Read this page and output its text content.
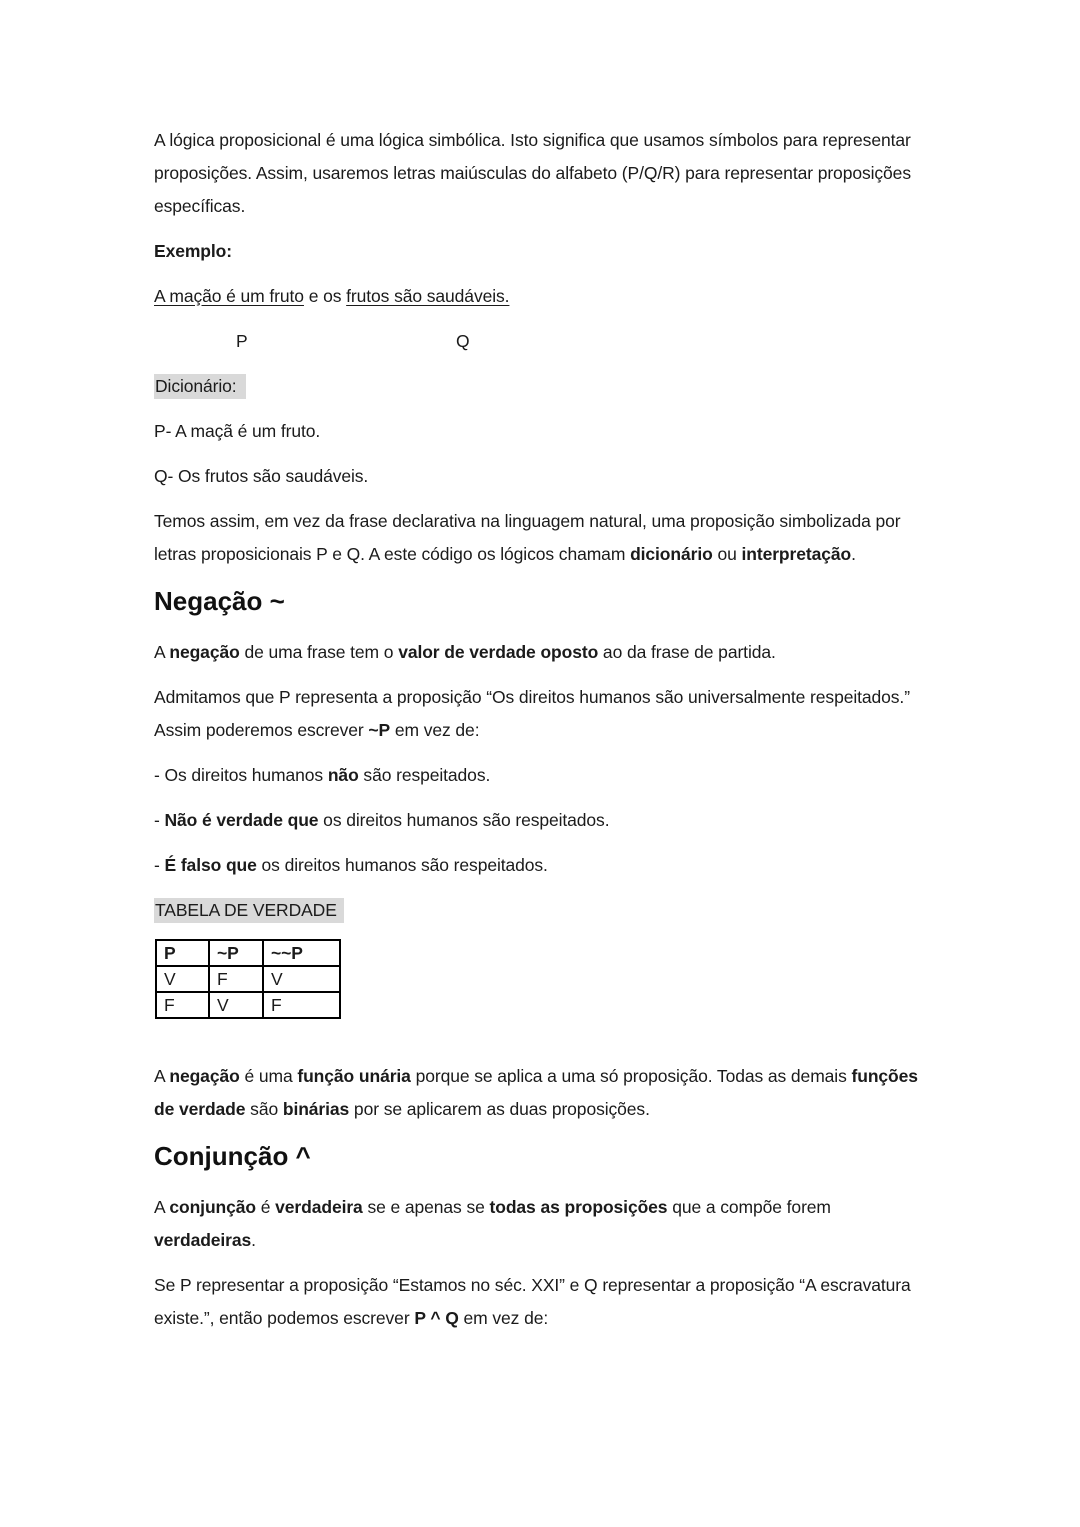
A lógica proposicional é uma lógica simbólica. Isto significa que usamos símbolos para representar proposições. Assim, usaremos letras maiúsculas do alfabeto (P/Q/R) para representar proposições específicas.

Exemplo:

A mação é um fruto e os frutos são saudáveis.

P	Q

Dicionário:

P- A maçã é um fruto.

Q- Os frutos são saudáveis.

Temos assim, em vez da frase declarativa na linguagem natural, uma proposição simbolizada por letras proposicionais P e Q. A este código os lógicos chamam dicionário ou interpretação.

Negação ~

A negação de uma frase tem o valor de verdade oposto ao da frase de partida.

Admitamos que P representa a proposição “Os direitos humanos são universalmente respeitados.” Assim poderemos escrever ~P em vez de:

- Os direitos humanos não são respeitados.

- Não é verdade que os direitos humanos são respeitados.

- É falso que os direitos humanos são respeitados.

TABELA DE VERDADE

P	~P	~~P
V	F	V
F	V	F

A negação é uma função unária porque se aplica a uma só proposição. Todas as demais funções de verdade são binárias por se aplicarem as duas proposições.

Conjunção ^

A conjunção é verdadeira se e apenas se todas as proposições que a compõe forem verdadeiras.

Se P representar a proposição “Estamos no séc. XXI” e Q representar a proposição “A escravatura existe.”, então podemos escrever P ^ Q em vez de:
